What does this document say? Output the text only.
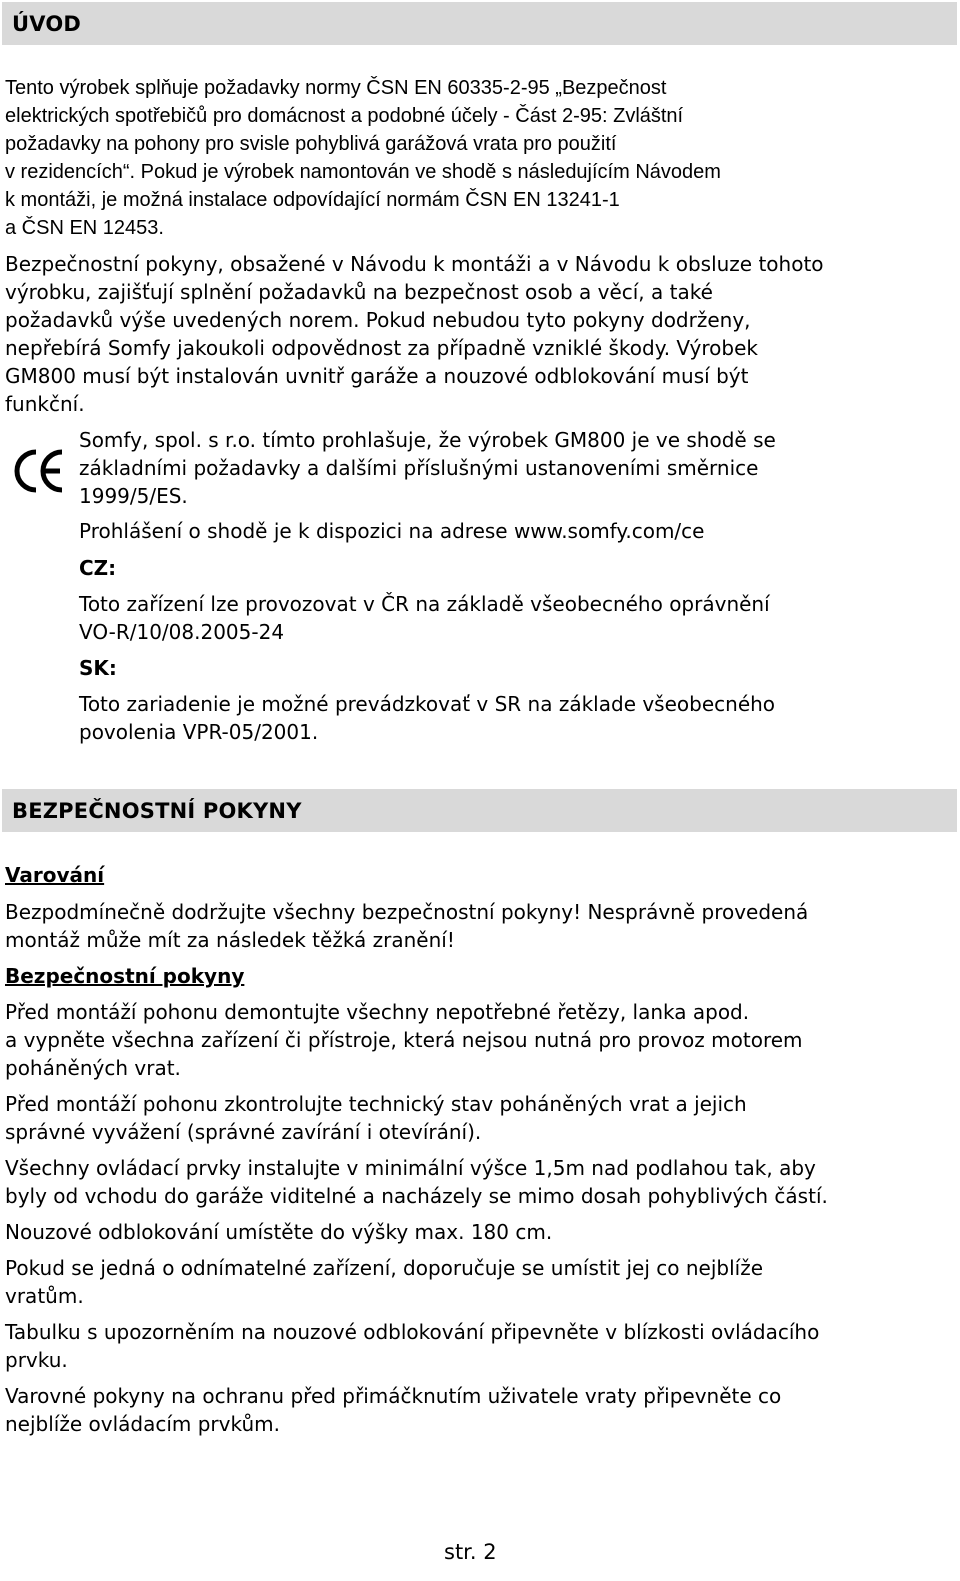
ÚVOD
Tento výrobek splňuje požadavky normy ČSN EN 60335-2-95 „Bezpečnost
elektrických spotřebičů pro domácnost a podobné účely - Část 2-95: Zvláštní
požadavky na pohony pro svisle pohyblivá garážová vrata pro použití
v rezidencích“. Pokud je výrobek namontován ve shodě s následujícím Návodem
k montáži, je možná instalace odpovídající normám ČSN EN 13241-1
a ČSN EN 12453.
Bezpečnostní pokyny, obsažené v Návodu k montáži a v Návodu k obsluze tohoto
výrobku, zajišťují splnění požadavků na bezpečnost osob a věcí, a také
požadavků výše uvedených norem. Pokud nebudou tyto pokyny dodrženy,
nepřebírá Somfy jakoukoli odpovědnost za případně vzniklé škody. Výrobek
GM800 musí být instalován uvnitř garáže a nouzové odblokování musí být
funkční.
Somfy, spol. s r.o. tímto prohlašuje, že výrobek GM800 je ve shodě se
základními požadavky a dalšími příslušnými ustanoveními směrnice
1999/5/ES.
Prohlášení o shodě je k dispozici na adrese www.somfy.com/ce
CZ:
Toto zařízení lze provozovat v ČR na základě všeobecného oprávnění
VO-R/10/08.2005-24
SK:
Toto zariadenie je možné prevádzkovať v SR na základe všeobecného
povolenia VPR-05/2001.
BEZPEČNOSTNÍ POKYNY
Varování
Bezpodmínečně dodržujte všechny bezpečnostní pokyny! Nesprávně provedená
montáž může mít za následek těžká zranění!
Bezpečnostní pokyny
Před montáží pohonu demontujte všechny nepotřebné řetězy, lanka apod.
a vypněte všechna zařízení či přístroje, která nejsou nutná pro provoz motorem
poháněných vrat.
Před montáží pohonu zkontrolujte technický stav poháněných vrat a jejich
správné vyvážení (správné zavírání i otevírání).
Všechny ovládací prvky instalujte v minimální výšce 1,5m nad podlahou tak, aby
byly od vchodu do garáže viditelné a nacházely se mimo dosah pohyblivých částí.
Nouzové odblokování umístěte do výšky max. 180 cm.
Pokud se jedná o odnímatelné zařízení, doporučuje se umístit jej co nejblíže
vratům.
Tabulku s upozorněním na nouzové odblokování připevněte v blízkosti ovládacího
prvku.
Varovné pokyny na ochranu před přimáčknutím uživatele vraty připevněte co
nejblíže ovládacím prvkům.
str. 2
